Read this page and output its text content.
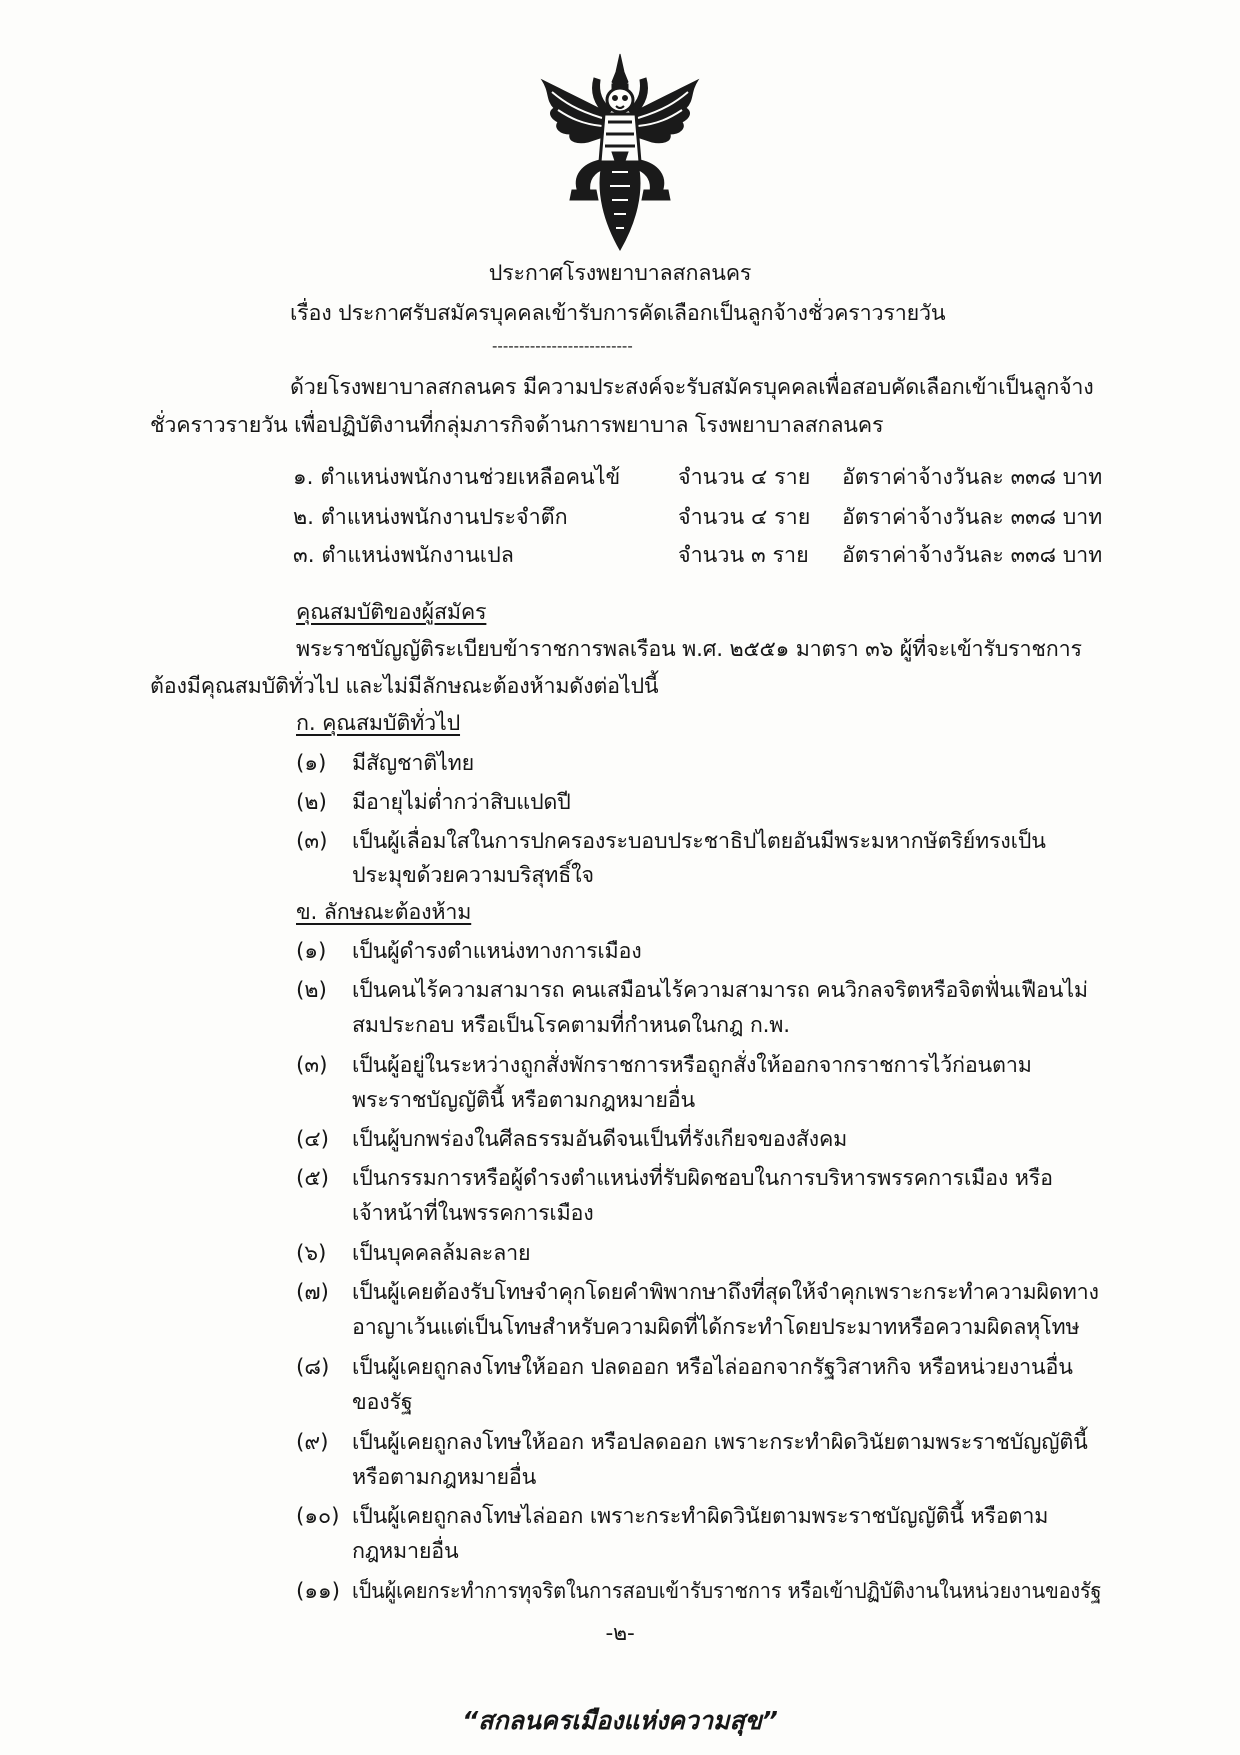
ประกาศโรงพยาบาลสกลนคร
เรื่อง ประกาศรับสมัครบุคคลเข้ารับการคัดเลือกเป็นลูกจ้างชั่วคราวรายวัน
--------------------------
ด้วยโรงพยาบาลสกลนคร มีความประสงค์จะรับสมัครบุคคลเพื่อสอบคัดเลือกเข้าเป็นลูกจ้าง
ชั่วคราวรายวัน เพื่อปฏิบัติงานที่กลุ่มภารกิจด้านการพยาบาล โรงพยาบาลสกลนคร
๑. ตำแหน่งพนักงานช่วยเหลือคนไข้	จำนวน ๔ ราย อัตราค่าจ้างวันละ ๓๓๘ บาท
๒. ตำแหน่งพนักงานประจำตึก	จำนวน ๔ ราย อัตราค่าจ้างวันละ ๓๓๘ บาท
๓. ตำแหน่งพนักงานเปล	จำนวน ๓ ราย อัตราค่าจ้างวันละ ๓๓๘ บาท
คุณสมบัติของผู้สมัคร
พระราชบัญญัติระเบียบข้าราชการพลเรือน พ.ศ. ๒๕๕๑ มาตรา ๓๖ ผู้ที่จะเข้ารับราชการ
ต้องมีคุณสมบัติทั่วไป และไม่มีลักษณะต้องห้ามดังต่อไปนี้
ก. คุณสมบัติทั่วไป
(๑) มีสัญชาติไทย
(๒) มีอายุไม่ต่ำกว่าสิบแปดปี
(๓) เป็นผู้เลื่อมใสในการปกครองระบอบประชาธิปไตยอันมีพระมหากษัตริย์ทรงเป็น
ประมุขด้วยความบริสุทธิ์ใจ
ข. ลักษณะต้องห้าม
(๑) เป็นผู้ดำรงตำแหน่งทางการเมือง
(๒) เป็นคนไร้ความสามารถ คนเสมือนไร้ความสามารถ คนวิกลจริตหรือจิตฟั่นเฟือนไม่
สมประกอบ หรือเป็นโรคตามที่กำหนดในกฎ ก.พ.
(๓) เป็นผู้อยู่ในระหว่างถูกสั่งพักราชการหรือถูกสั่งให้ออกจากราชการไว้ก่อนตาม
พระราชบัญญัตินี้ หรือตามกฎหมายอื่น
(๔) เป็นผู้บกพร่องในศีลธรรมอันดีจนเป็นที่รังเกียจของสังคม
(๕) เป็นกรรมการหรือผู้ดำรงตำแหน่งที่รับผิดชอบในการบริหารพรรคการเมือง หรือ
เจ้าหน้าที่ในพรรคการเมือง
(๖) เป็นบุคคลล้มละลาย
(๗) เป็นผู้เคยต้องรับโทษจำคุกโดยคำพิพากษาถึงที่สุดให้จำคุกเพราะกระทำความผิดทาง
อาญาเว้นแต่เป็นโทษสำหรับความผิดที่ได้กระทำโดยประมาทหรือความผิดลหุโทษ
(๘) เป็นผู้เคยถูกลงโทษให้ออก ปลดออก หรือไล่ออกจากรัฐวิสาหกิจ หรือหน่วยงานอื่น
ของรัฐ
(๙) เป็นผู้เคยถูกลงโทษให้ออก หรือปลดออก เพราะกระทำผิดวินัยตามพระราชบัญญัตินี้
หรือตามกฎหมายอื่น
(๑๐) เป็นผู้เคยถูกลงโทษไล่ออก เพราะกระทำผิดวินัยตามพระราชบัญญัตินี้ หรือตาม
กฎหมายอื่น
(๑๑) เป็นผู้เคยกระทำการทุจริตในการสอบเข้ารับราชการ หรือเข้าปฏิบัติงานในหน่วยงานของรัฐ
-๒-
“สกลนครเมืองแห่งความสุข”
